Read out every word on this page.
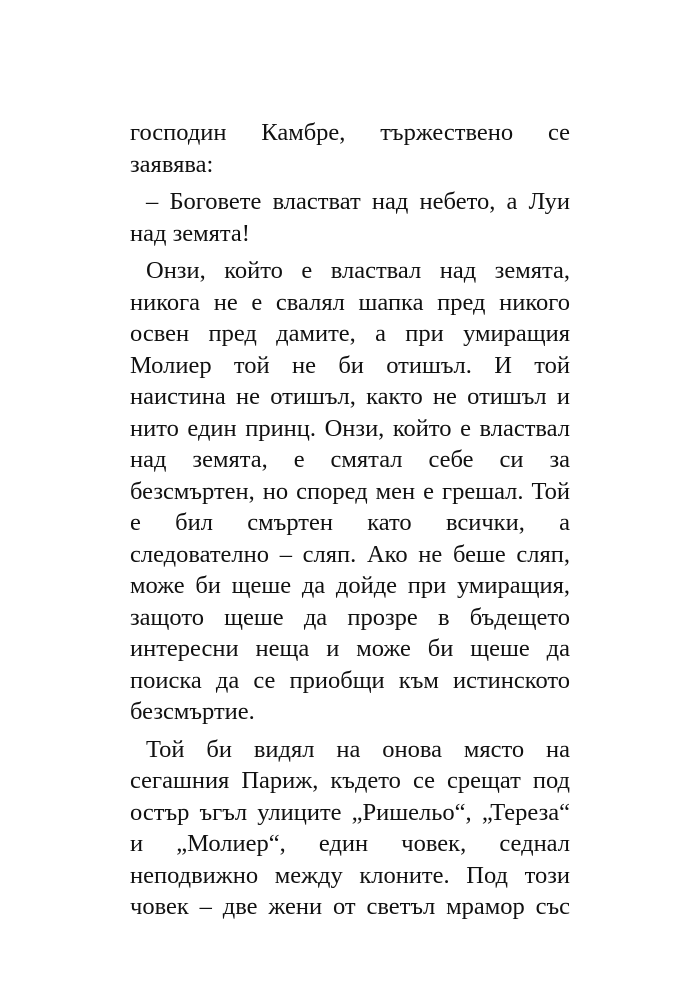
господин Камбре, тържествено се
заявява:
– Боговете властват над небето, а Луи
над земята!
Онзи, който е властвал над земята,
никога не е свалял шапка пред никого
освен пред дамите, а при умиращия
Молиер той не би отишъл. И той
наистина не отишъл, както не отишъл и
нито един принц. Онзи, който е властвал
над земята, е смятал себе си за
безсмъртен, но според мен е грешал. Той
е бил смъртен като всички, а
следователно – сляп. Ако не беше сляп,
може би щеше да дойде при умиращия,
защото щеше да прозре в бъдещето
интересни неща и може би щеше да
поиска да се приобщи към истинското
безсмъртие.
Той би видял на онова място на
сегашния Париж, където се срещат под
остър ъгъл улиците „Ришельо“, „Тереза“
и „Молиер“, един човек, седнал
неподвижно между клоните. Под този
човек – две жени от светъл мрамор със
